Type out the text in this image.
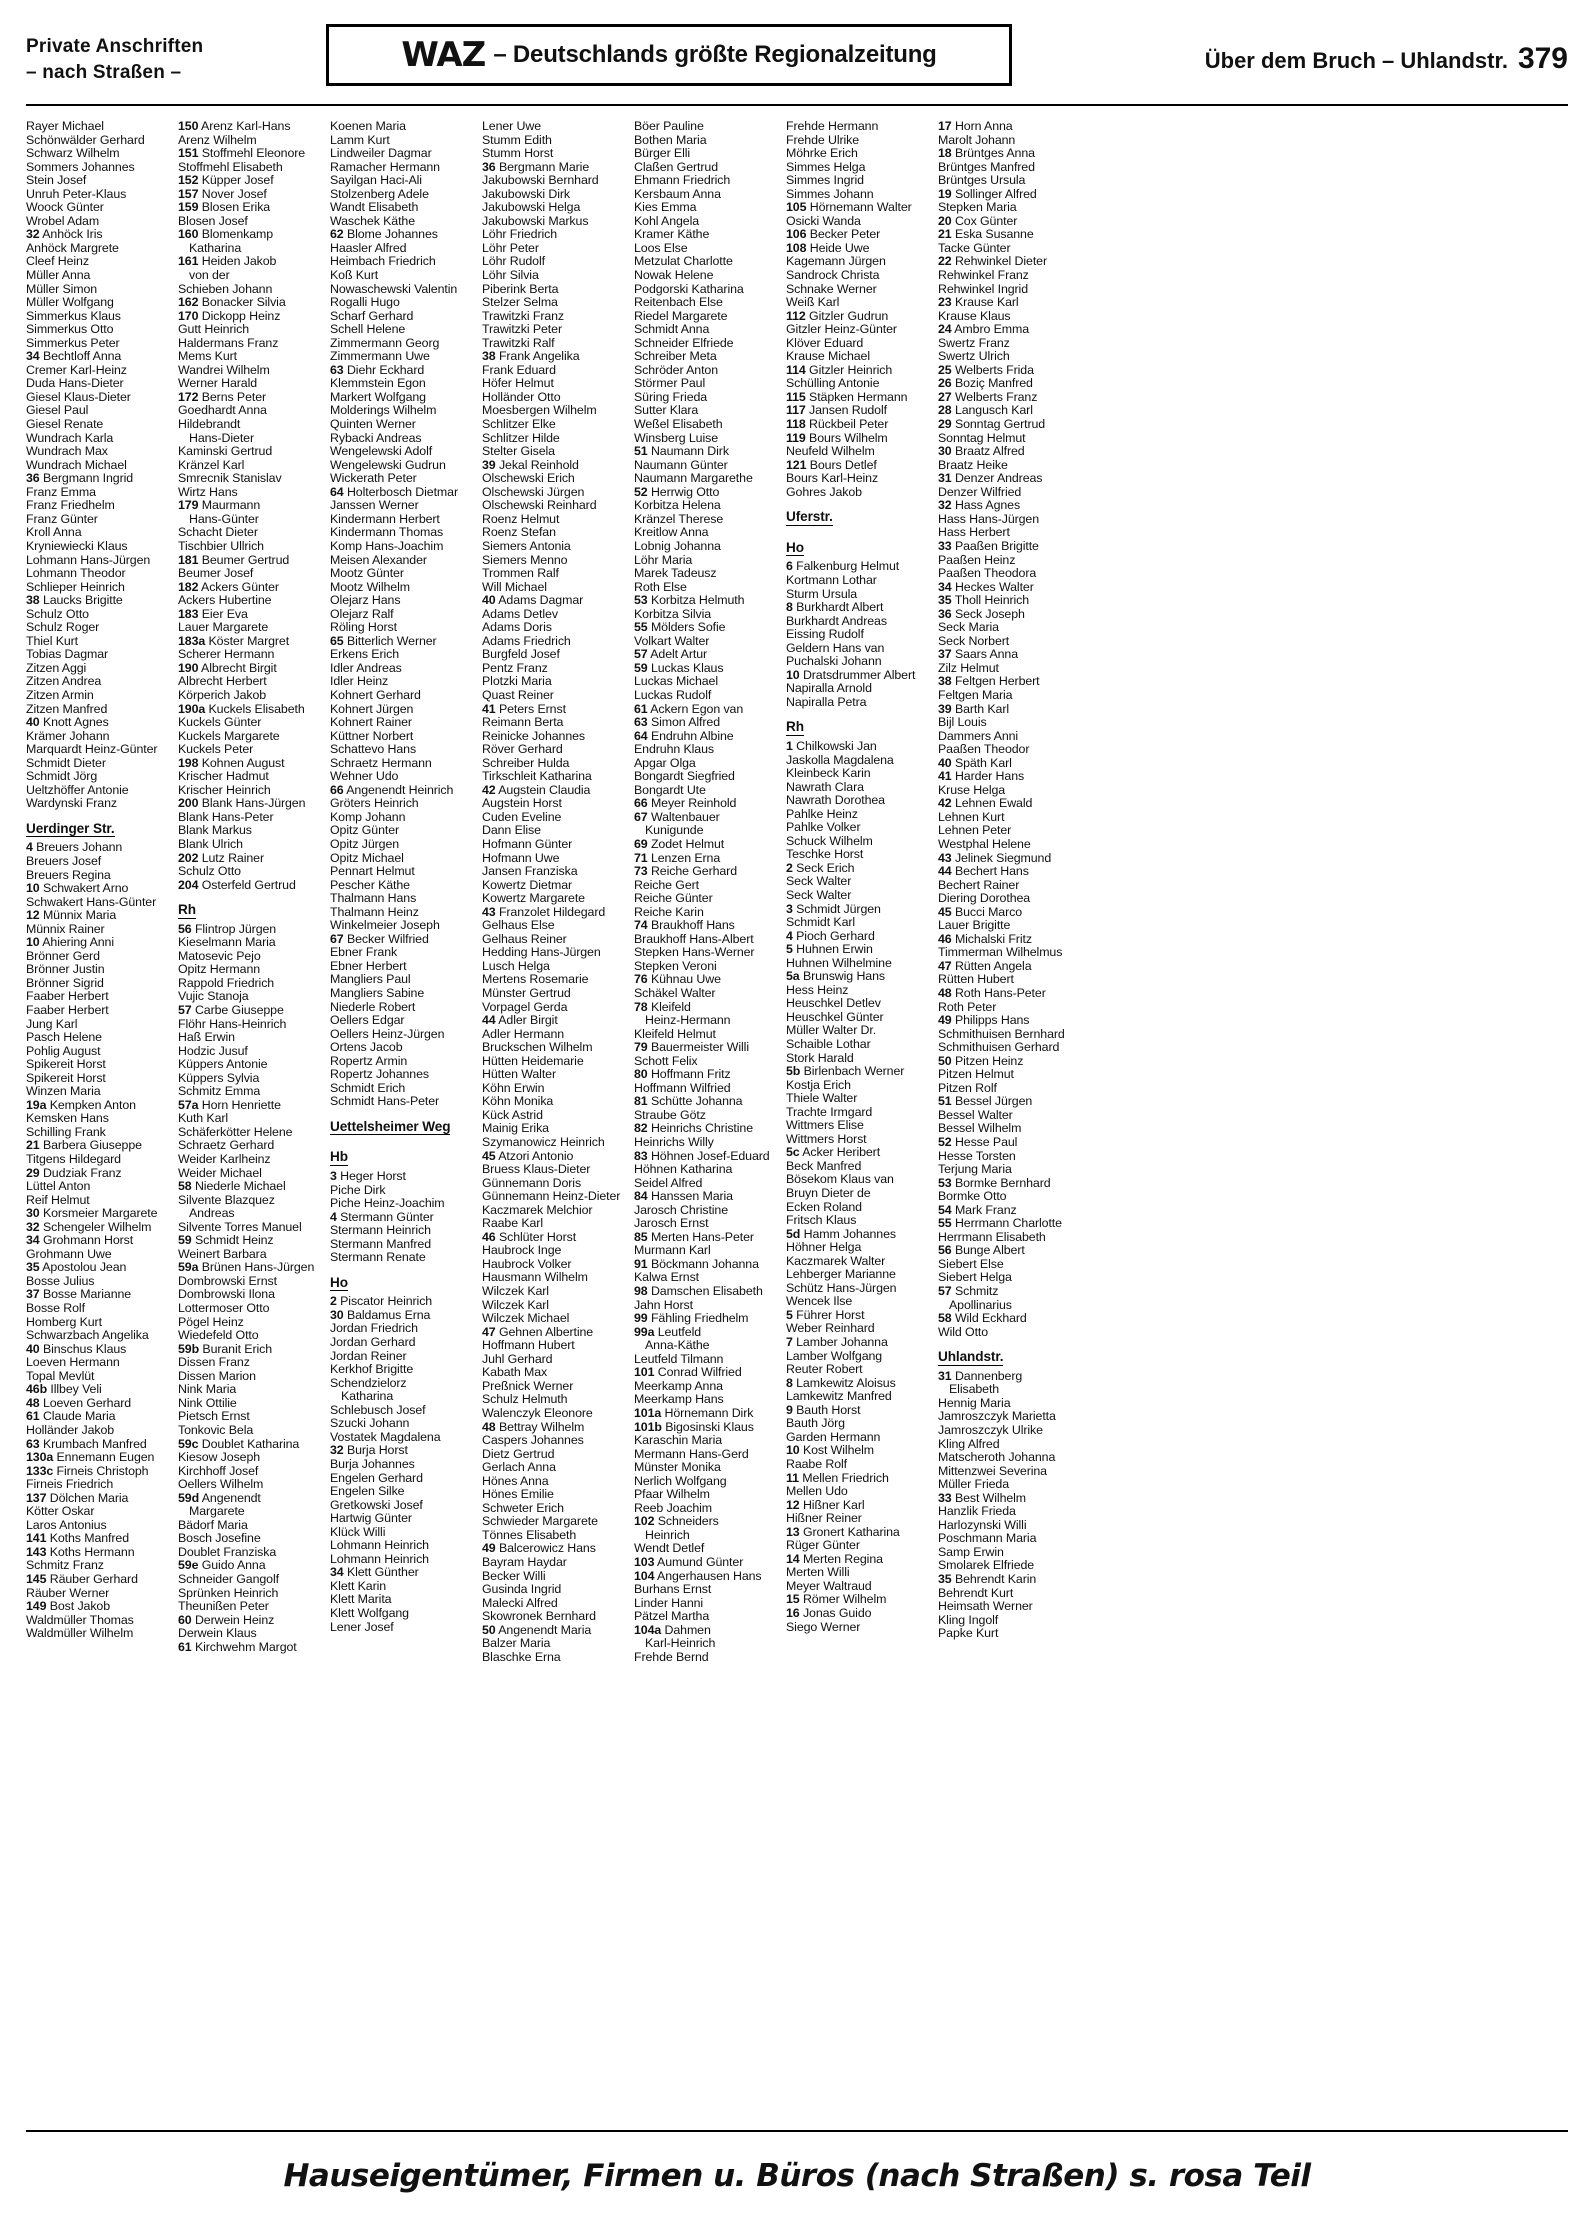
Private Anschriften
– nach Straßen –	WAZ – Deutschlands größte Regionalzeitung	Über dem Bruch – Uhlandstr. 379
Rayer Michael
Schönwälder Gerhard
Schwarz Wilhelm
Sommers Johannes
Stein Josef
Unruh Peter-Klaus
Woock Günter
Wrobel Adam
32 Anhöck Iris
Anhöck Margrete
Cleef Heinz
Müller Anna
Müller Simon
Müller Wolfgang
Simmerkus Klaus
Simmerkus Otto
Simmerkus Peter
34 Bechtloff Anna
Cremer Karl-Heinz
Duda Hans-Dieter
Giesel Klaus-Dieter
Giesel Paul
Giesel Renate
Wundrach Karla
Wundrach Max
Wundrach Michael
36 Bergmann Ingrid
Franz Emma
Franz Friedhelm
Franz Günter
Kroll Anna
Kryniewiecki Klaus
Lohmann Hans-Jürgen
Lohmann Theodor
Schlieper Heinrich
38 Laucks Brigitte
Schulz Otto
Schulz Roger
Thiel Kurt
Tobias Dagmar
Zitzen Aggi
Zitzen Andrea
Zitzen Armin
Zitzen Manfred
40 Knott Agnes
Krämer Johann
Marquardt Heinz-Günter
Schmidt Dieter
Schmidt Jörg
Ueltzhöffer Antonie
Wardynski Franz
Uerdinger Str.
4 Breuers Johann
Breuers Josef
Breuers Regina
10 Schwakert Arno
Schwakert Hans-Günter
12 Münnix Maria
Münnix Rainer
10 Ahiering Anni
Brönner Gerd
Brönner Justin
Brönner Sigrid
Faaber Herbert
Faaber Herbert
Jung Karl
Pasch Helene
Pohlig August
Spikereit Horst
Spikereit Horst
Winzen Maria
19a Kempken Anton
Kemsken Hans
Schilling Frank
21 Barbera Giuseppe
Titgens Hildegard
29 Dudziak Franz
Lüttel Anton
Reif Helmut
30 Korsmeier Margarete
32 Schengeler Wilhelm
34 Grohmann Horst
Grohmann Uwe
35 Apostolou Jean
Bosse Julius
37 Bosse Marianne
Bosse Rolf
Homberg Kurt
Schwarzbach Angelika
40 Binschus Klaus
Loeven Hermann
Topal Mevlüt
46b Illbey Veli
48 Loeven Gerhard
61 Claude Maria
Holländer Jakob
63 Krumbach Manfred
130a Ennemann Eugen
133c Firneis Christoph
Firneis Friedrich
137 Dölchen Maria
Kötter Oskar
Laros Antonius
141 Koths Manfred
143 Koths Hermann
Schmitz Franz
145 Räuber Gerhard
Räuber Werner
149 Bost Jakob
Waldmüller Thomas
Waldmüller Wilhelm
150 Arenz Karl-Hans
Arenz Wilhelm
151 Stoffmehl Eleonore
Stoffmehl Elisabeth
152 Küpper Josef
157 Nover Josef
159 Blosen Erika
Blosen Josef
160 Blomenkamp
Katharina
161 Heiden Jakob
von der
Schieben Johann
162 Bonacker Silvia
170 Dickopp Heinz
Gutt Heinrich
Haldermans Franz
Mems Kurt
Wandrei Wilhelm
Werner Harald
172 Berns Peter
Goedhardt Anna
Hildebrandt
Hans-Dieter
Kaminski Gertrud
Kränzel Karl
Smrecnik Stanislav
Wirtz Hans
179 Maurmann
Hans-Günter
Schacht Dieter
Tischbier Ullrich
181 Beumer Gertrud
Beumer Josef
182 Ackers Günter
Ackers Hubertine
183 Eier Eva
Lauer Margarete
183a Köster Margret
Scherer Hermann
190 Albrecht Birgit
Albrecht Herbert
Körperich Jakob
190a Kuckels Elisabeth
Kuckels Günter
Kuckels Margarete
Kuckels Peter
198 Kohnen August
Krischer Hadmut
Krischer Heinrich
200 Blank Hans-Jürgen
Blank Hans-Peter
Blank Markus
Blank Ulrich
202 Lutz Rainer
Schulz Otto
204 Osterfeld Gertrud
Rh
56 Flintrop Jürgen
Kieselmann Maria
Matosevic Pejo
Opitz Hermann
Rappold Friedrich
Vujic Stanoja
57 Carbe Giuseppe
Flöhr Hans-Heinrich
Haß Erwin
Hodzic Jusuf
Küppers Antonie
Küppers Sylvia
Schmitz Emma
57a Horn Henriette
Kuth Karl
Schäferkötter Helene
Schraetz Gerhard
Weider Karlheinz
Weider Michael
58 Niederle Michael
Silvente Blazquez
Andreas
Silvente Torres Manuel
59 Schmidt Heinz
Weinert Barbara
59a Brünen Hans-Jürgen
Dombrowski Ernst
Dombrowski Ilona
Lottermoser Otto
Pögel Heinz
Wiedefeld Otto
59b Buranit Erich
Dissen Franz
Dissen Marion
Nink Maria
Nink Ottilie
Pietsch Ernst
Tonkovic Bela
59c Doublet Katharina
Kiesow Joseph
Kirchhoff Josef
Oellers Wilhelm
59d Angenendt
Margarete
Bädorf Maria
Bosch Josefine
Doublet Franziska
59e Guido Anna
Schneider Gangolf
Sprünken Heinrich
Theunißen Peter
60 Derwein Heinz
Derwein Klaus
61 Kirchwehm Margot
Koenen Maria
Lamm Kurt
Lindweiler Dagmar
Ramacher Hermann
Sayilgan Haci-Ali
Stolzenberg Adele
Wandt Elisabeth
Waschek Käthe
62 Blome Johannes
Haasler Alfred
Heimbach Friedrich
Koß Kurt
Nowaschewski Valentin
Rogalli Hugo
Scharf Gerhard
Schell Helene
Zimmermann Georg
Zimmermann Uwe
63 Diehr Eckhard
Klemmstein Egon
Markert Wolfgang
Molderings Wilhelm
Quinten Werner
Rybacki Andreas
Wengelewski Adolf
Wengelewski Gudrun
Wickerath Peter
64 Holterbosch Dietmar
Janssen Werner
Kindermann Herbert
Kindermann Thomas
Komp Hans-Joachim
Meisen Alexander
Mootz Günter
Mootz Wilhelm
Olejarz Hans
Olejarz Ralf
Röling Horst
65 Bitterlich Werner
Erkens Erich
Idler Andreas
Idler Heinz
Kohnert Gerhard
Kohnert Jürgen
Kohnert Rainer
Küttner Norbert
Schattevo Hans
Schraetz Hermann
Wehner Udo
66 Angenendt Heinrich
Gröters Heinrich
Komp Johann
Opitz Günter
Opitz Jürgen
Opitz Michael
Pennart Helmut
Pescher Käthe
Thalmann Hans
Thalmann Heinz
Winkelmeier Joseph
67 Becker Wilfried
Ebner Frank
Ebner Herbert
Mangliers Paul
Mangliers Sabine
Niederle Robert
Oellers Edgar
Oellers Heinz-Jürgen
Ortens Jacob
Ropertz Armin
Ropertz Johannes
Schmidt Erich
Schmidt Hans-Peter
Uettelsheimer Weg
Hb
3 Heger Horst
Piche Dirk
Piche Heinz-Joachim
4 Stermann Günter
Stermann Heinrich
Stermann Manfred
Stermann Renate
Ho
2 Piscator Heinrich
30 Baldamus Erna
Jordan Friedrich
Jordan Gerhard
Jordan Reiner
Kerkhof Brigitte
Schendzielorz
Katharina
Schlebusch Josef
Szucki Johann
Vostatek Magdalena
32 Burja Horst
Burja Johannes
Engelen Gerhard
Engelen Silke
Gretkowski Josef
Hartwig Günter
Klück Willi
Lohmann Heinrich
Lohmann Heinrich
34 Klett Günther
Klett Karin
Klett Marita
Klett Wolfgang
Lener Josef
Lener Uwe
Stumm Edith
Stumm Horst
36 Bergmann Marie
Jakubowski Bernhard
Jakubowski Dirk
Jakubowski Helga
Jakubowski Markus
Löhr Friedrich
Löhr Peter
Löhr Rudolf
Löhr Silvia
Piberink Berta
Stelzer Selma
Trawitzki Franz
Trawitzki Peter
Trawitzki Ralf
38 Frank Angelika
Frank Eduard
Höfer Helmut
Holländer Otto
Moesbergen Wilhelm
Schlitzer Elke
Schlitzer Hilde
Stelter Gisela
39 Jekal Reinhold
Olschewski Erich
Olschewski Jürgen
Olschewski Reinhard
Roenz Helmut
Roenz Stefan
Siemers Antonia
Siemers Menno
Trommen Ralf
Will Michael
40 Adams Dagmar
Adams Detlev
Adams Doris
Adams Friedrich
Burgfeld Josef
Pentz Franz
Plotzki Maria
Quast Reiner
41 Peters Ernst
Reimann Berta
Reinicke Johannes
Röver Gerhard
Schreiber Hulda
Tirkschleit Katharina
42 Augstein Claudia
Augstein Horst
Cuden Eveline
Dann Elise
Hofmann Günter
Hofmann Uwe
Jansen Franziska
Kowertz Dietmar
Kowertz Margarete
43 Franzolet Hildegard
Gelhaus Else
Gelhaus Reiner
Hedding Hans-Jürgen
Lusch Helga
Mertens Rosemarie
Münster Gertrud
Vorpagel Gerda
44 Adler Birgit
Adler Hermann
Bruckschen Wilhelm
Hütten Heidemarie
Hütten Walter
Köhn Erwin
Köhn Monika
Kück Astrid
Mainig Erika
Szymanowicz Heinrich
45 Atzori Antonio
Bruess Klaus-Dieter
Günnemann Doris
Günnemann Heinz-Dieter
Kaczmarek Melchior
Raabe Karl
46 Schlüter Horst
Haubrock Inge
Haubrock Volker
Hausmann Wilhelm
Wilczek Karl
Wilczek Karl
Wilczek Michael
47 Gehnen Albertine
Hoffmann Hubert
Juhl Gerhard
Kabath Max
Preßnick Werner
Schulz Helmuth
Walenczyk Eleonore
48 Bettray Wilhelm
Caspers Johannes
Dietz Gertrud
Gerlach Anna
Hönes Anna
Hönes Emilie
Schweter Erich
Schwieder Margarete
Tönnes Elisabeth
49 Balcerowicz Hans
Bayram Haydar
Becker Willi
Gusinda Ingrid
Malecki Alfred
Skowronek Bernhard
50 Angenendt Maria
Balzer Maria
Blaschke Erna
Böer Pauline
Bothen Maria
Bürger Elli
Claßen Gertrud
Ehmann Friedrich
Kersbaum Anna
Kies Emma
Kohl Angela
Kramer Käthe
Loos Else
Metzulat Charlotte
Nowak Helene
Podgorski Katharina
Reitenbach Else
Riedel Margarete
Schmidt Anna
Schneider Elfriede
Schreiber Meta
Schröder Anton
Störmer Paul
Süring Frieda
Sutter Klara
Weßel Elisabeth
Winsberg Luise
51 Naumann Dirk
Naumann Günter
Naumann Margarethe
52 Herrwig Otto
Korbitza Helena
Kränzel Therese
Kreitlow Anna
Lobnig Johanna
Löhr Maria
Marek Tadeusz
Roth Else
53 Korbitza Helmuth
Korbitza Silvia
55 Mölders Sofie
Volkart Walter
57 Adelt Artur
59 Luckas Klaus
Luckas Michael
Luckas Rudolf
61 Ackern Egon van
63 Simon Alfred
64 Endruhn Albine
Endruhn Klaus
Apgar Olga
Bongardt Siegfried
Bongardt Ute
66 Meyer Reinhold
67 Waltenbauer
Kunigunde
69 Zodet Helmut
71 Lenzen Erna
73 Reiche Gerhard
Reiche Gert
Reiche Günter
Reiche Karin
74 Braukhoff Hans
Braukhoff Hans-Albert
Stepken Hans-Werner
Stepken Veroni
76 Kühnau Uwe
Schäkel Walter
78 Kleifeld
Heinz-Hermann
Kleifeld Helmut
79 Bauermeister Willi
Schott Felix
80 Hoffmann Fritz
Hoffmann Wilfried
81 Schütte Johanna
Straube Götz
82 Heinrichs Christine
Heinrichs Willy
83 Höhnen Josef-Eduard
Höhnen Katharina
Seidel Alfred
84 Hanssen Maria
Jarosch Christine
Jarosch Ernst
85 Merten Hans-Peter
Murmann Karl
91 Böckmann Johanna
Kalwa Ernst
98 Damschen Elisabeth
Jahn Horst
99 Fähling Friedhelm
99a Leutfeld
Anna-Käthe
Leutfeld Tilmann
101 Conrad Wilfried
Meerkamp Anna
Meerkamp Hans
101a Hörnemann Dirk
101b Bigosinski Klaus
Karaschin Maria
Mermann Hans-Gerd
Münster Monika
Nerlich Wolfgang
Pfaar Wilhelm
Reeb Joachim
102 Schneiders
Heinrich
Wendt Detlef
103 Aumund Günter
104 Angerhausen Hans
Burhans Ernst
Linder Hanni
Pätzel Martha
104a Dahmen
Karl-Heinrich
Frehde Bernd
Frehde Hermann
Frehde Ulrike
Möhrke Erich
Simmes Helga
Simmes Ingrid
Simmes Johann
105 Hörnemann Walter
Osicki Wanda
106 Becker Peter
108 Heide Uwe
Kagemann Jürgen
Sandrock Christa
Schnake Werner
Weiß Karl
112 Gitzler Gudrun
Gitzler Heinz-Günter
Klöver Eduard
Krause Michael
114 Gitzler Heinrich
Schülling Antonie
115 Stäpken Hermann
117 Jansen Rudolf
118 Rückbeil Peter
119 Bours Wilhelm
Neufeld Wilhelm
121 Bours Detlef
Bours Karl-Heinz
Gohres Jakob
Uferstr.
Ho
6 Falkenburg Helmut
Kortmann Lothar
Sturm Ursula
8 Burkhardt Albert
Burkhardt Andreas
Eissing Rudolf
Geldern Hans van
Puchalski Johann
10 Dratsdrummer Albert
Napiralla Arnold
Napiralla Petra
Rh
1 Chilkowski Jan
Jaskolla Magdalena
Kleinbeck Karin
Nawrath Clara
Nawrath Dorothea
Pahlke Heinz
Pahlke Volker
Schuck Wilhelm
Teschke Horst
2 Seck Erich
Seck Walter
Seck Walter
3 Schmidt Jürgen
Schmidt Karl
4 Pioch Gerhard
5 Huhnen Erwin
Huhnen Wilhelmine
5a Brunswig Hans
Hess Heinz
Heuschkel Detlev
Heuschkel Günter
Müller Walter Dr.
Schaible Lothar
Stork Harald
5b Birlenbach Werner
Kostja Erich
Thiele Walter
Trachte Irmgard
Wittmers Elise
Wittmers Horst
5c Acker Heribert
Beck Manfred
Bösekom Klaus van
Bruyn Dieter de
Ecken Roland
Fritsch Klaus
5d Hamm Johannes
Höhner Helga
Kaczmarek Walter
Lehberger Marianne
Schütz Hans-Jürgen
Wencek Ilse
5 Führer Horst
Weber Reinhard
7 Lamber Johanna
Lamber Wolfgang
Reuter Robert
8 Lamkewitz Aloisus
Lamkewitz Manfred
9 Bauth Horst
Bauth Jörg
Garden Hermann
10 Kost Wilhelm
Raabe Rolf
11 Mellen Friedrich
Mellen Udo
12 Hißner Karl
Hißner Reiner
13 Gronert Katharina
Rüger Günter
14 Merten Regina
Merten Willi
Meyer Waltraud
15 Römer Wilhelm
16 Jonas Guido
Siego Werner
17 Horn Anna
Marolt Johann
18 Brüntges Anna
Brüntges Manfred
Brüntges Ursula
19 Sollinger Alfred
Stepken Maria
20 Cox Günter
21 Eska Susanne
Tacke Günter
22 Rehwinkel Dieter
Rehwinkel Franz
Rehwinkel Ingrid
23 Krause Karl
Krause Klaus
24 Ambro Emma
Swertz Franz
Swertz Ulrich
25 Welberts Frida
26 Boziç Manfred
27 Welberts Franz
28 Langusch Karl
29 Sonntag Gertrud
Sonntag Helmut
30 Braatz Alfred
Braatz Heike
31 Denzer Andreas
Denzer Wilfried
32 Hass Agnes
Hass Hans-Jürgen
Hass Herbert
33 Paaßen Brigitte
Paaßen Heinz
Paaßen Theodora
34 Heckes Walter
35 Tholl Heinrich
36 Seck Joseph
Seck Maria
Seck Norbert
37 Saars Anna
Zilz Helmut
38 Feltgen Herbert
Feltgen Maria
39 Barth Karl
Bijl Louis
Dammers Anni
Paaßen Theodor
40 Späth Karl
41 Harder Hans
Kruse Helga
42 Lehnen Ewald
Lehnen Kurt
Lehnen Peter
Westphal Helene
43 Jelinek Siegmund
44 Bechert Hans
Bechert Rainer
Diering Dorothea
45 Bucci Marco
Lauer Brigitte
46 Michalski Fritz
Timmerman Wilhelmus
47 Rütten Angela
Rütten Hubert
48 Roth Hans-Peter
Roth Peter
49 Philipps Hans
Schmithuisen Bernhard
Schmithuisen Gerhard
50 Pitzen Heinz
Pitzen Helmut
Pitzen Rolf
51 Bessel Jürgen
Bessel Walter
Bessel Wilhelm
52 Hesse Paul
Hesse Torsten
Terjung Maria
53 Bormke Bernhard
Bormke Otto
54 Mark Franz
55 Herrmann Charlotte
Herrmann Elisabeth
56 Bunge Albert
Siebert Else
Siebert Helga
57 Schmitz
Apollinarius
58 Wild Eckhard
Wild Otto
Uhlandstr.
31 Dannenberg
Elisabeth
Hennig Maria
Jamroszczyk Marietta
Jamroszczyk Ulrike
Kling Alfred
Matscheroth Johanna
Mittenzwei Severina
Müller Frieda
33 Best Wilhelm
Hanzlik Frieda
Harlozynski Willi
Poschmann Maria
Samp Erwin
Smolarek Elfriede
35 Behrendt Karin
Behrendt Kurt
Heimsath Werner
Kling Ingolf
Papke Kurt
Hauseigentümer, Firmen u. Büros (nach Straßen) s. rosa Teil
